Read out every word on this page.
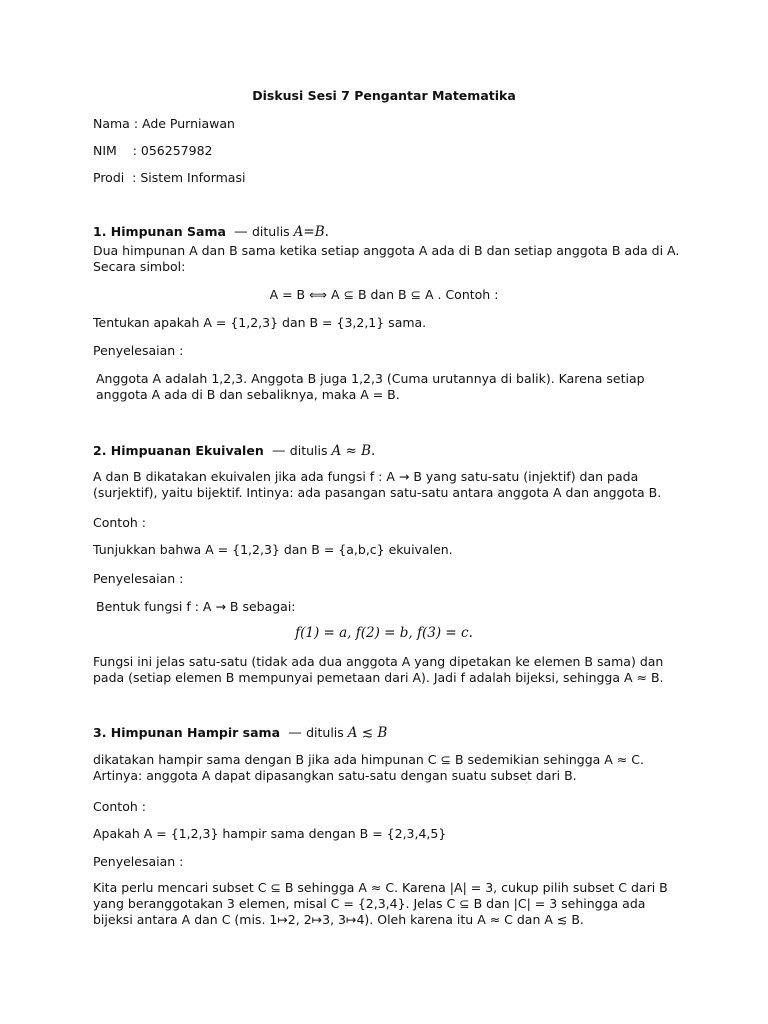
Diskusi Sesi 7 Pengantar Matematika
Nama : Ade Purniawan
NIM    : 056257982
Prodi  : Sistem Informasi
1. Himpunan Sama  — ditulis A=B.
Dua himpunan A dan B sama ketika setiap anggota A ada di B dan setiap anggota B ada di A. Secara simbol:
A = B ⟺ A ⊆ B dan B ⊆ A . Contoh :
Tentukan apakah A = {1,2,3} dan B = {3,2,1} sama.
Penyelesaian :
Anggota A adalah 1,2,3. Anggota B juga 1,2,3 (Cuma urutannya di balik). Karena setiap anggota A ada di B dan sebaliknya, maka A = B.
2. Himpuanan Ekuivalen  — ditulis A ≈ B.
A dan B dikatakan ekuivalen jika ada fungsi f : A → B yang satu-satu (injektif) dan pada (surjektif), yaitu bijektif. Intinya: ada pasangan satu-satu antara anggota A dan anggota B.
Contoh :
Tunjukkan bahwa A = {1,2,3} dan B = {a,b,c} ekuivalen.
Penyelesaian :
Bentuk fungsi f : A → B sebagai:
f(1) = a, f(2) = b, f(3) = c.
Fungsi ini jelas satu-satu (tidak ada dua anggota A yang dipetakan ke elemen B sama) dan pada (setiap elemen B mempunyai pemetaan dari A). Jadi f adalah bijeksi, sehingga A ≈ B.
3. Himpunan Hampir sama  — ditulis A ≲ B
dikatakan hampir sama dengan B jika ada himpunan C ⊆ B sedemikian sehingga A ≈ C. Artinya: anggota A dapat dipasangkan satu-satu dengan suatu subset dari B.
Contoh :
Apakah A = {1,2,3} hampir sama dengan B = {2,3,4,5}
Penyelesaian :
Kita perlu mencari subset C ⊆ B sehingga A ≈ C. Karena |A| = 3, cukup pilih subset C dari B yang beranggotakan 3 elemen, misal C = {2,3,4}. Jelas C ⊆ B dan |C| = 3 sehingga ada bijeksi antara A dan C (mis. 1↦2, 2↦3, 3↦4). Oleh karena itu A ≈ C dan A ≲ B.
